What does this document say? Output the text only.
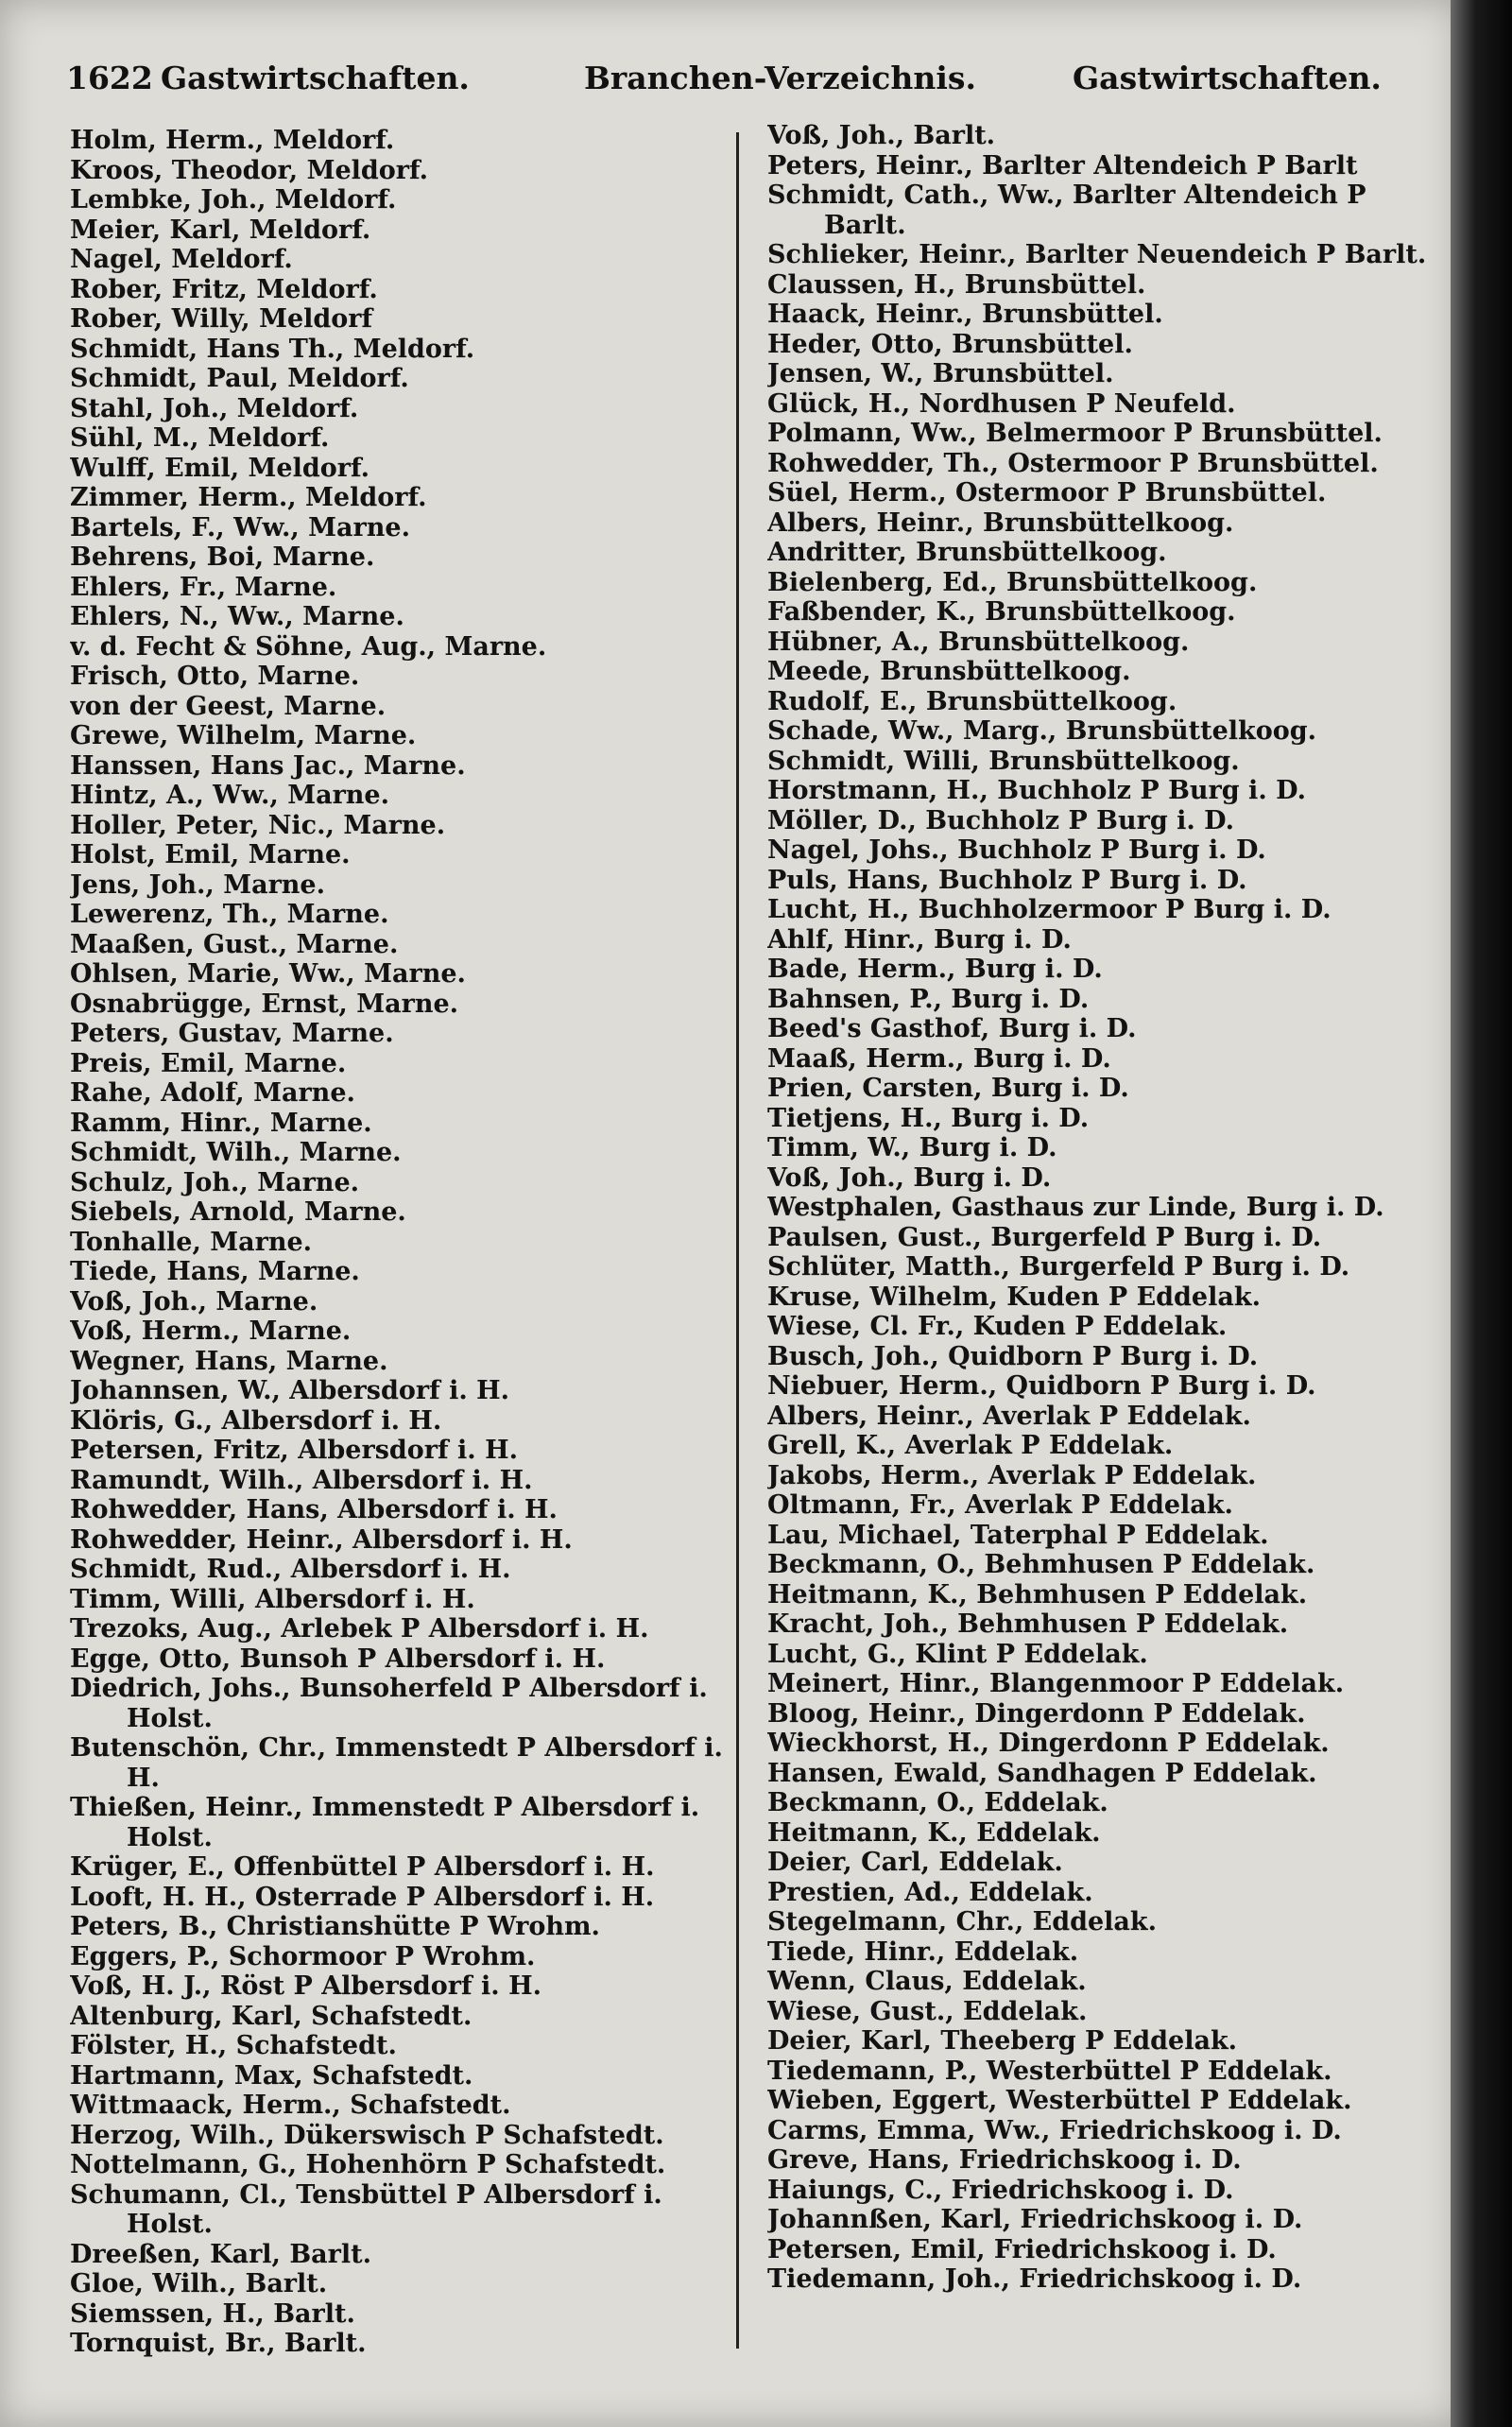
1622 Gastwirtschaften.	Branchen-Verzeichnis.	Gastwirtschaften.
Holm, Herm., Meldorf.
Kroos, Theodor, Meldorf.
Lembke, Joh., Meldorf.
Meier, Karl, Meldorf.
Nagel, Meldorf.
Rober, Fritz, Meldorf.
Rober, Willy, Meldorf
Schmidt, Hans Th., Meldorf.
Schmidt, Paul, Meldorf.
Stahl, Joh., Meldorf.
Sühl, M., Meldorf.
Wulff, Emil, Meldorf.
Zimmer, Herm., Meldorf.
Bartels, F., Ww., Marne.
Behrens, Boi, Marne.
Ehlers, Fr., Marne.
Ehlers, N., Ww., Marne.
v. d. Fecht & Söhne, Aug., Marne.
Frisch, Otto, Marne.
von der Geest, Marne.
Grewe, Wilhelm, Marne.
Hanssen, Hans Jac., Marne.
Hintz, A., Ww., Marne.
Holler, Peter, Nic., Marne.
Holst, Emil, Marne.
Jens, Joh., Marne.
Lewerenz, Th., Marne.
Maaßen, Gust., Marne.
Ohlsen, Marie, Ww., Marne.
Osnabrügge, Ernst, Marne.
Peters, Gustav, Marne.
Preis, Emil, Marne.
Rahe, Adolf, Marne.
Ramm, Hinr., Marne.
Schmidt, Wilh., Marne.
Schulz, Joh., Marne.
Siebels, Arnold, Marne.
Tonhalle, Marne.
Tiede, Hans, Marne.
Voß, Joh., Marne.
Voß, Herm., Marne.
Wegner, Hans, Marne.
Johannsen, W., Albersdorf i. H.
Klöris, G., Albersdorf i. H.
Petersen, Fritz, Albersdorf i. H.
Ramundt, Wilh., Albersdorf i. H.
Rohwedder, Hans, Albersdorf i. H.
Rohwedder, Heinr., Albersdorf i. H.
Schmidt, Rud., Albersdorf i. H.
Timm, Willi, Albersdorf i. H.
Trezoks, Aug., Arlebek P Albersdorf i. H.
Egge, Otto, Bunsoh P Albersdorf i. H.
Diedrich, Johs., Bunsoherfeld P Albersdorf i. Holst.
Butenschön, Chr., Immenstedt P Albersdorf i. H.
Thießen, Heinr., Immenstedt P Albersdorf i. Holst.
Krüger, E., Offenbüttel P Albersdorf i. H.
Looft, H. H., Osterrade P Albersdorf i. H.
Peters, B., Christianshütte P Wrohm.
Eggers, P., Schormoor P Wrohm.
Voß, H. J., Röst P Albersdorf i. H.
Altenburg, Karl, Schafstedt.
Fölster, H., Schafstedt.
Hartmann, Max, Schafstedt.
Wittmaack, Herm., Schafstedt.
Herzog, Wilh., Dükerswisch P Schafstedt.
Nottelmann, G., Hohenhörn P Schafstedt.
Schumann, Cl., Tensbüttel P Albersdorf i. Holst.
Dreeßen, Karl, Barlt.
Gloe, Wilh., Barlt.
Siemssen, H., Barlt.
Tornquist, Br., Barlt.
Voß, Joh., Barlt.
Peters, Heinr., Barlter Altendeich P Barlt
Schmidt, Cath., Ww., Barlter Altendeich P Barlt.
Schlieker, Heinr., Barlter Neuendeich P Barlt.
Claussen, H., Brunsbüttel.
Haack, Heinr., Brunsbüttel.
Heder, Otto, Brunsbüttel.
Jensen, W., Brunsbüttel.
Glück, H., Nordhusen P Neufeld.
Polmann, Ww., Belmermoor P Brunsbüttel.
Rohwedder, Th., Ostermoor P Brunsbüttel.
Süel, Herm., Ostermoor P Brunsbüttel.
Albers, Heinr., Brunsbüttelkoog.
Andritter, Brunsbüttelkoog.
Bielenberg, Ed., Brunsbüttelkoog.
Faßbender, K., Brunsbüttelkoog.
Hübner, A., Brunsbüttelkoog.
Meede, Brunsbüttelkoog.
Rudolf, E., Brunsbüttelkoog.
Schade, Ww., Marg., Brunsbüttelkoog.
Schmidt, Willi, Brunsbüttelkoog.
Horstmann, H., Buchholz P Burg i. D.
Möller, D., Buchholz P Burg i. D.
Nagel, Johs., Buchholz P Burg i. D.
Puls, Hans, Buchholz P Burg i. D.
Lucht, H., Buchholzermoor P Burg i. D.
Ahlf, Hinr., Burg i. D.
Bade, Herm., Burg i. D.
Bahnsen, P., Burg i. D.
Beed's Gasthof, Burg i. D.
Maaß, Herm., Burg i. D.
Prien, Carsten, Burg i. D.
Tietjens, H., Burg i. D.
Timm, W., Burg i. D.
Voß, Joh., Burg i. D.
Westphalen, Gasthaus zur Linde, Burg i. D.
Paulsen, Gust., Burgerfeld P Burg i. D.
Schlüter, Matth., Burgerfeld P Burg i. D.
Kruse, Wilhelm, Kuden P Eddelak.
Wiese, Cl. Fr., Kuden P Eddelak.
Busch, Joh., Quidborn P Burg i. D.
Niebuer, Herm., Quidborn P Burg i. D.
Albers, Heinr., Averlak P Eddelak.
Grell, K., Averlak P Eddelak.
Jakobs, Herm., Averlak P Eddelak.
Oltmann, Fr., Averlak P Eddelak.
Lau, Michael, Taterphal P Eddelak.
Beckmann, O., Behmhusen P Eddelak.
Heitmann, K., Behmhusen P Eddelak.
Kracht, Joh., Behmhusen P Eddelak.
Lucht, G., Klint P Eddelak.
Meinert, Hinr., Blangenmoor P Eddelak.
Bloog, Heinr., Dingerdonn P Eddelak.
Wieckhorst, H., Dingerdonn P Eddelak.
Hansen, Ewald, Sandhagen P Eddelak.
Beckmann, O., Eddelak.
Heitmann, K., Eddelak.
Deier, Carl, Eddelak.
Prestien, Ad., Eddelak.
Stegelmann, Chr., Eddelak.
Tiede, Hinr., Eddelak.
Wenn, Claus, Eddelak.
Wiese, Gust., Eddelak.
Deier, Karl, Theeberg P Eddelak.
Tiedemann, P., Westerbüttel P Eddelak.
Wieben, Eggert, Westerbüttel P Eddelak.
Carms, Emma, Ww., Friedrichskoog i. D.
Greve, Hans, Friedrichskoog i. D.
Haiungs, C., Friedrichskoog i. D.
Johannßen, Karl, Friedrichskoog i. D.
Petersen, Emil, Friedrichskoog i. D.
Tiedemann, Joh., Friedrichskoog i. D.
